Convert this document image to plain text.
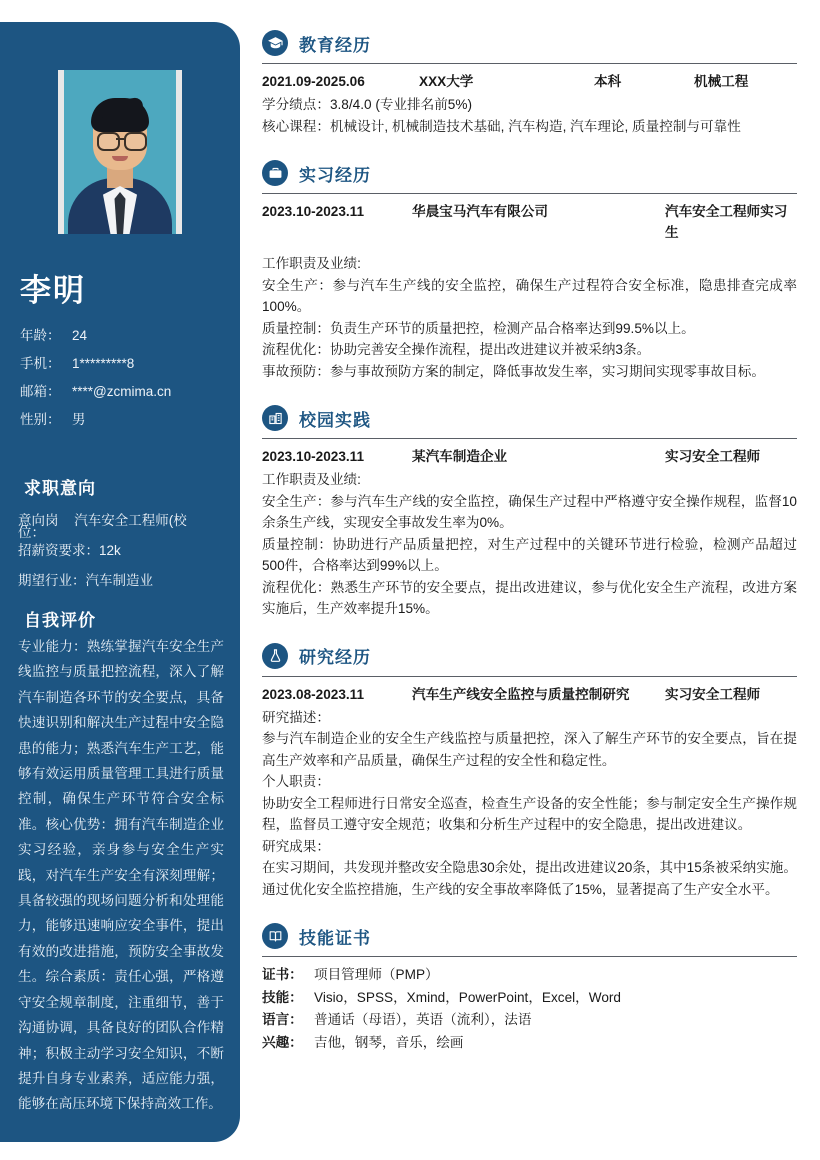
李明
年龄： 24
手机： 1*********8
邮箱： ****@zcmima.cn
性别： 男
求职意向
意向岗 汽车安全工程师(校
位：
招薪资要求：12k
期望行业：汽车制造业
自我评价
专业能力：熟练掌握汽车安全生产线监控与质量把控流程，深入了解汽车制造各环节的安全要点，具备快速识别和解决生产过程中安全隐患的能力；熟悉汽车生产工艺，能够有效运用质量管理工具进行质量控制，确保生产环节符合安全标准。核心优势：拥有汽车制造企业实习经验，亲身参与安全生产实践，对汽车生产安全有深刻理解；具备较强的现场问题分析和处理能力，能够迅速响应安全事件，提出有效的改进措施，预防安全事故发生。综合素质：责任心强，严格遵守安全规章制度，注重细节，善于沟通协调，具备良好的团队合作精神；积极主动学习安全知识，不断提升自身专业素养，适应能力强，能够在高压环境下保持高效工作。
教育经历
2021.09-2025.06	XXX大学	本科	机械工程

学分绩点：3.8/4.0 (专业排名前5%)

核心课程：机械设计, 机械制造技术基础, 汽车构造, 汽车理论, 质量控制与可靠性

实习经历
2023.10-2023.11	华晨宝马汽车有限公司	汽车安全工程师实习生

工作职责及业绩:

安全生产：参与汽车生产线的安全监控，确保生产过程符合安全标准，隐患排查完成率100%。

质量控制：负责生产环节的质量把控，检测产品合格率达到99.5%以上。

流程优化：协助完善安全操作流程，提出改进建议并被采纳3条。

事故预防：参与事故预防方案的制定，降低事故发生率，实习期间实现零事故目标。

校园实践
2023.10-2023.11	某汽车制造企业	实习安全工程师

工作职责及业绩:

安全生产：参与汽车生产线的安全监控，确保生产过程中严格遵守安全操作规程，监督10余条生产线，实现安全事故发生率为0%。

质量控制：协助进行产品质量把控，对生产过程中的关键环节进行检验，检测产品超过500件，合格率达到99%以上。

流程优化：熟悉生产环节的安全要点，提出改进建议，参与优化安全生产流程，改进方案实施后，生产效率提升15%。

研究经历
2023.08-2023.11	汽车生产线安全监控与质量控制研究	实习安全工程师

研究描述：

参与汽车制造企业的安全生产线监控与质量把控，深入了解生产环节的安全要点，旨在提高生产效率和产品质量，确保生产过程的安全性和稳定性。

个人职责：

协助安全工程师进行日常安全巡查，检查生产设备的安全性能；参与制定安全生产操作规程，监督员工遵守安全规范；收集和分析生产过程中的安全隐患，提出改进建议。

研究成果：

在实习期间，共发现并整改安全隐患30余处，提出改进建议20条，其中15条被采纳实施。通过优化安全监控措施，生产线的安全事故率降低了15%，显著提高了生产安全水平。

技能证书
证书： 项目管理师（PMP）
技能： Visio，SPSS，Xmind，PowerPoint，Excel，Word
语言： 普通话（母语），英语（流利），法语
兴趣： 吉他，钢琴，音乐，绘画
